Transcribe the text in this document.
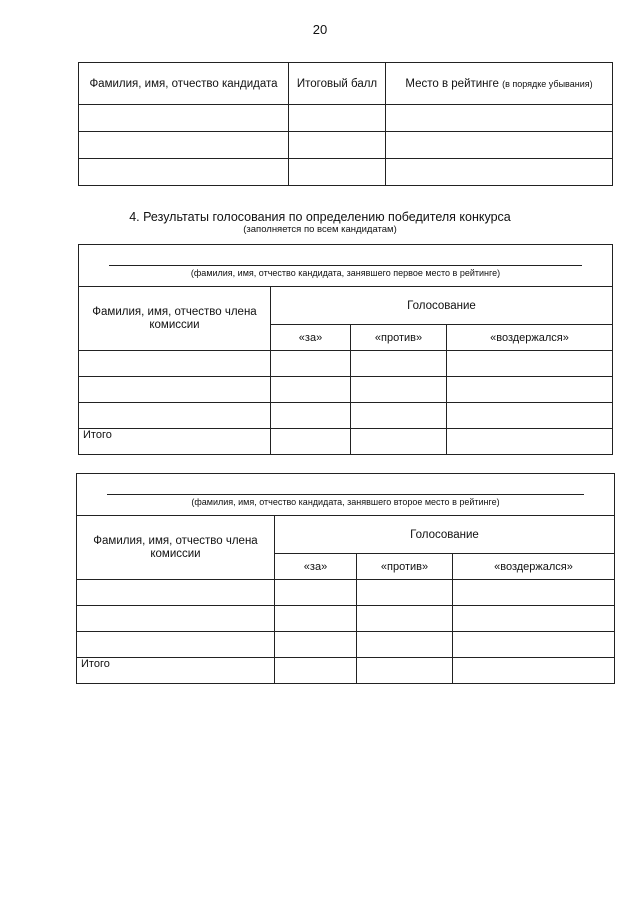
20
Фамилия, имя, отчество кандидата	Итоговый балл	Место в рейтинге (в порядке убывания)

4. Результаты голосования по определению победителя конкурса
(заполняется по всем кандидатам)
(фамилия, имя, отчество кандидата, занявшего первое место в рейтинге)			

Фамилия, имя, отчество члена
комиссии	Голосование		
	«за»	«против»	«воздержался»

Итого			
(фамилия, имя, отчество кандидата, занявшего второе место в рейтинге)			

Фамилия, имя, отчество члена
комиссии	Голосование		
	«за»	«против»	«воздержался»

Итого			
